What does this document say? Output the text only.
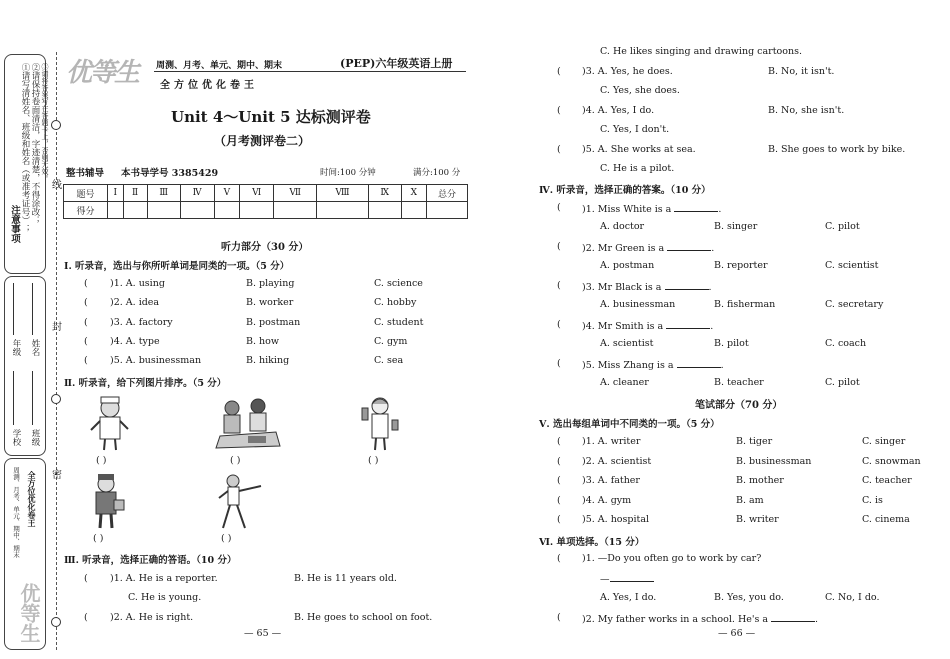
注意事项 ①请写清姓名、班级和姓名（或准考证号）； ②请保持卷面清洁，字迹清楚，不得涂改； ③请将答案写在答题卡上，否则无效。
年级 姓名
学校 班级
周测、月考、单元、期中、期末 全方位优化卷王
优等生
线
封
密
优等生 周测、月考、单元、期中、期末	(PEP)六年级英语上册
全方位优化卷王
Unit 4～Unit 5 达标测评卷
（月考测评卷二）
整书辅导 本书导学号 3385429	时间:100 分钟	满分:100 分
题号	Ⅰ	Ⅱ	Ⅲ	Ⅳ	Ⅴ	Ⅵ	Ⅶ	Ⅷ	Ⅸ	Ⅹ	总分
得分											
听力部分（30 分）
Ⅰ. 听录音，选出与你所听单词是同类的一项。（5 分）
( )1. A. using	B. playing	C. science
( )2. A. idea	B. worker	C. hobby
( )3. A. factory	B. postman	C. student
( )4. A. type	B. how	C. gym
( )5. A. businessman	B. hiking	C. sea
Ⅱ. 听录音，给下列图片排序。（5 分）
( )	( )	( )
( )	( )
Ⅲ. 听录音，选择正确的答语。（10 分）
( )1. A. He is a reporter.	B. He is 11 years old.
C. He is young.
( )2. A. He is right.	B. He goes to school on foot.
— 65 —
C. He likes singing and drawing cartoons.
( )3. A. Yes, he does.	B. No, it isn't.
C. Yes, she does.
( )4. A. Yes, I do.	B. No, she isn't.
C. Yes, I don't.
( )5. A. She works at sea.	B. She goes to work by bike.
C. He is a pilot.
Ⅳ. 听录音，选择正确的答案。（10 分）
( )1. Miss White is a	.
A. doctor	B. singer	C. pilot
( )2. Mr Green is a	.
A. postman	B. reporter	C. scientist
( )3. Mr Black is a	.
A. businessman	B. fisherman	C. secretary
( )4. Mr Smith is a	.
A. scientist	B. pilot	C. coach
( )5. Miss Zhang is a	.
A. cleaner	B. teacher	C. pilot
笔试部分（70 分）
Ⅴ. 选出每组单词中不同类的一项。（5 分）
( )1. A. writer	B. tiger	C. singer
( )2. A. scientist	B. businessman	C. snowman
( )3. A. father	B. mother	C. teacher
( )4. A. gym	B. am	C. is
( )5. A. hospital	B. writer	C. cinema
Ⅵ. 单项选择。（15 分）
( )1. —Do you often go to work by car?
—
A. Yes, I do.	B. Yes, you do.	C. No, I do.
( )2. My father works in a school. He's a	.
— 66 —
